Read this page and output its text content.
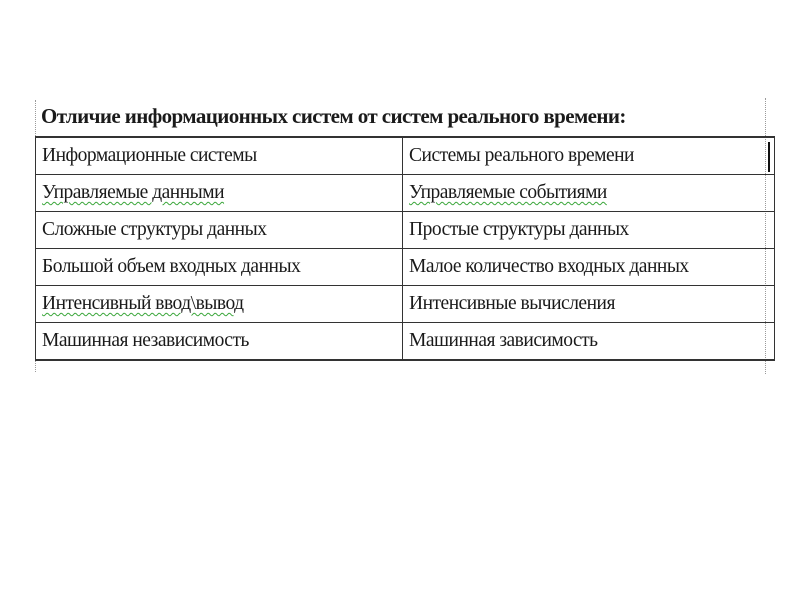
Отличие информационных систем от систем реального времени:
Информационные системы	Системы реального времени
Управляемые данными	Управляемые событиями
Сложные структуры данных	Простые структуры данных
Большой объем входных данных	Малое количество входных данных
Интенсивный ввод\вывод	Интенсивные вычисления
Машинная независимость	Машинная зависимость
